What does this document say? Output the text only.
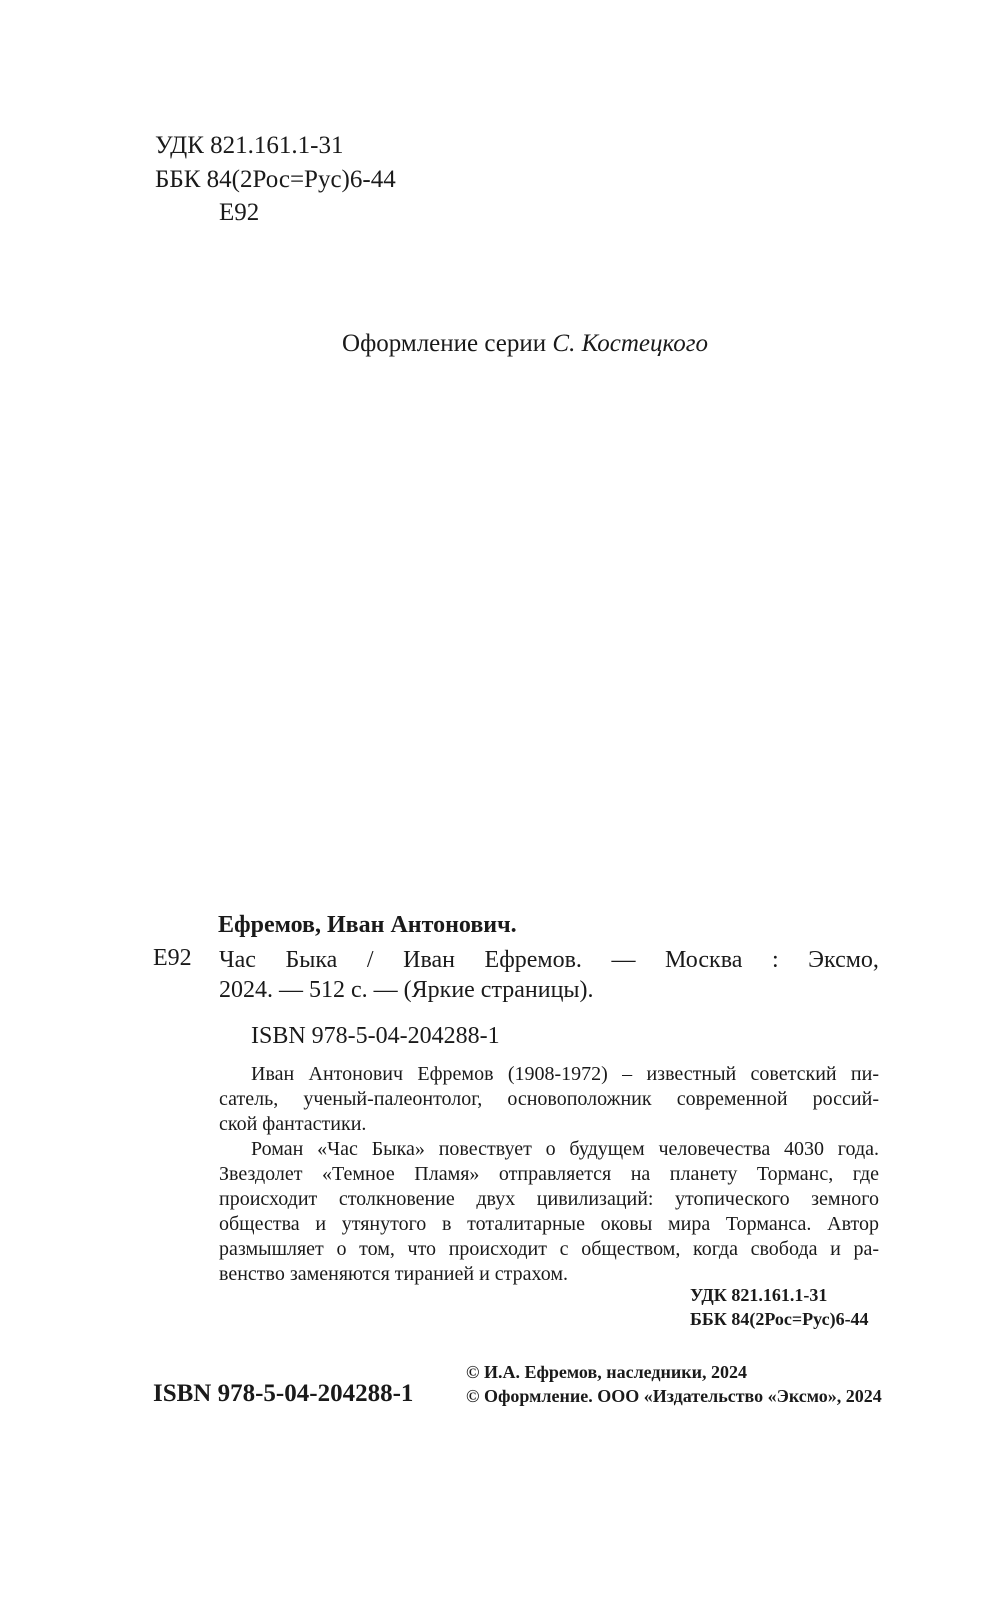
УДК 821.161.1-31
ББК 84(2Рос=Рус)6-44
Е92
Оформление серии С. Костецкого
Ефремов, Иван Антонович.
Е92 Час Быка / Иван Ефремов. — Москва : Эксмо,
2024. — 512 с. — (Яркие страницы).
ISBN 978-5-04-204288-1
Иван Антонович Ефремов (1908-1972) – известный советский пи-
сатель, ученый-палеонтолог, основоположник современной россий-
ской фантастики.
Роман «Час Быка» повествует о будущем человечества 4030 года.
Звездолет «Темное Пламя» отправляется на планету Торманс, где
происходит столкновение двух цивилизаций: утопического земного
общества и утянутого в тоталитарные оковы мира Торманса. Автор
размышляет о том, что происходит с обществом, когда свобода и ра-
венство заменяются тиранией и страхом.
УДК 821.161.1-31
ББК 84(2Рос=Рус)6-44
ISBN 978-5-04-204288-1
© И.А. Ефремов, наследники, 2024
© Оформление. ООО «Издательство «Эксмо», 2024
